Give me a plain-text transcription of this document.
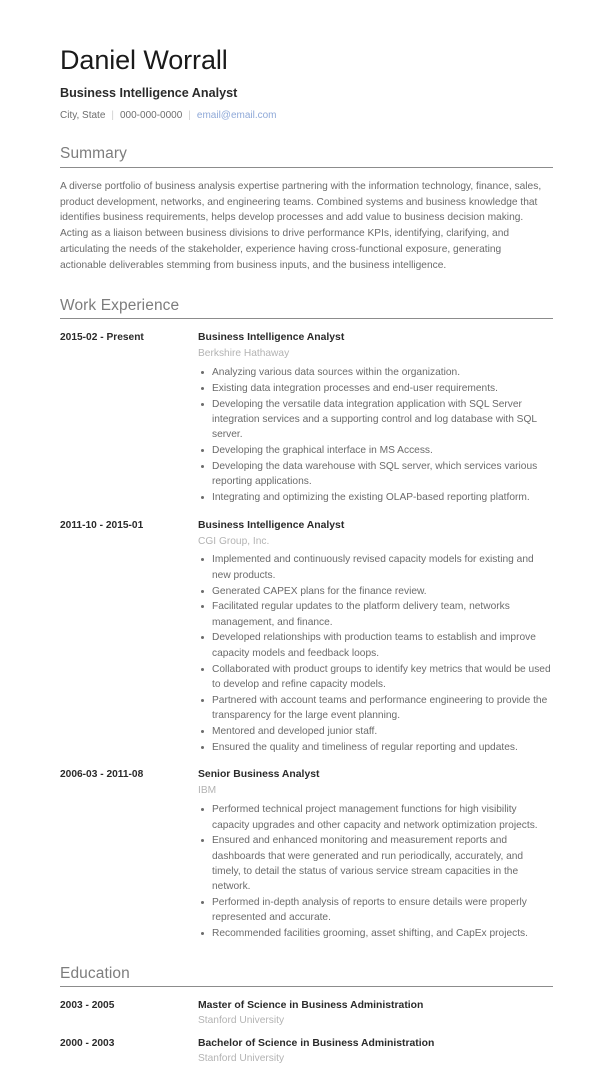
Daniel Worrall
Business Intelligence Analyst
City, State | 000-000-0000 | email@email.com
Summary

A diverse portfolio of business analysis expertise partnering with the information technology, finance, sales, product development, networks, and engineering teams. Combined systems and business knowledge that identifies business requirements, helps develop processes and add value to business decision making. Acting as a liaison between business divisions to drive performance KPIs, identifying, clarifying, and articulating the needs of the stakeholder, experience having cross-functional exposure, generating actionable deliverables stemming from business inputs, and the business intelligence.

Work Experience
2015-02 - Present	Business Intelligence Analyst
Berkshire Hathaway
Analyzing various data sources within the organization.
Existing data integration processes and end-user requirements.
Developing the versatile data integration application with SQL Server integration services and a supporting control and log database with SQL server.
Developing the graphical interface in MS Access.
Developing the data warehouse with SQL server, which services various reporting applications.
Integrating and optimizing the existing OLAP-based reporting platform.
2011-10 - 2015-01	Business Intelligence Analyst
CGI Group, Inc.
Implemented and continuously revised capacity models for existing and new products.
Generated CAPEX plans for the finance review.
Facilitated regular updates to the platform delivery team, networks management, and finance.
Developed relationships with production teams to establish and improve capacity models and feedback loops.
Collaborated with product groups to identify key metrics that would be used to develop and refine capacity models.
Partnered with account teams and performance engineering to provide the transparency for the large event planning.
Mentored and developed junior staff.
Ensured the quality and timeliness of regular reporting and updates.
2006-03 - 2011-08	Senior Business Analyst
IBM
Performed technical project management functions for high visibility capacity upgrades and other capacity and network optimization projects.
Ensured and enhanced monitoring and measurement reports and dashboards that were generated and run periodically, accurately, and timely, to detail the status of various service stream capacities in the network.
Performed in-depth analysis of reports to ensure details were properly represented and accurate.
Recommended facilities grooming, asset shifting, and CapEx projects.
Education
2003 - 2005	Master of Science in Business Administration
Stanford University
2000 - 2003	Bachelor of Science in Business Administration
Stanford University
